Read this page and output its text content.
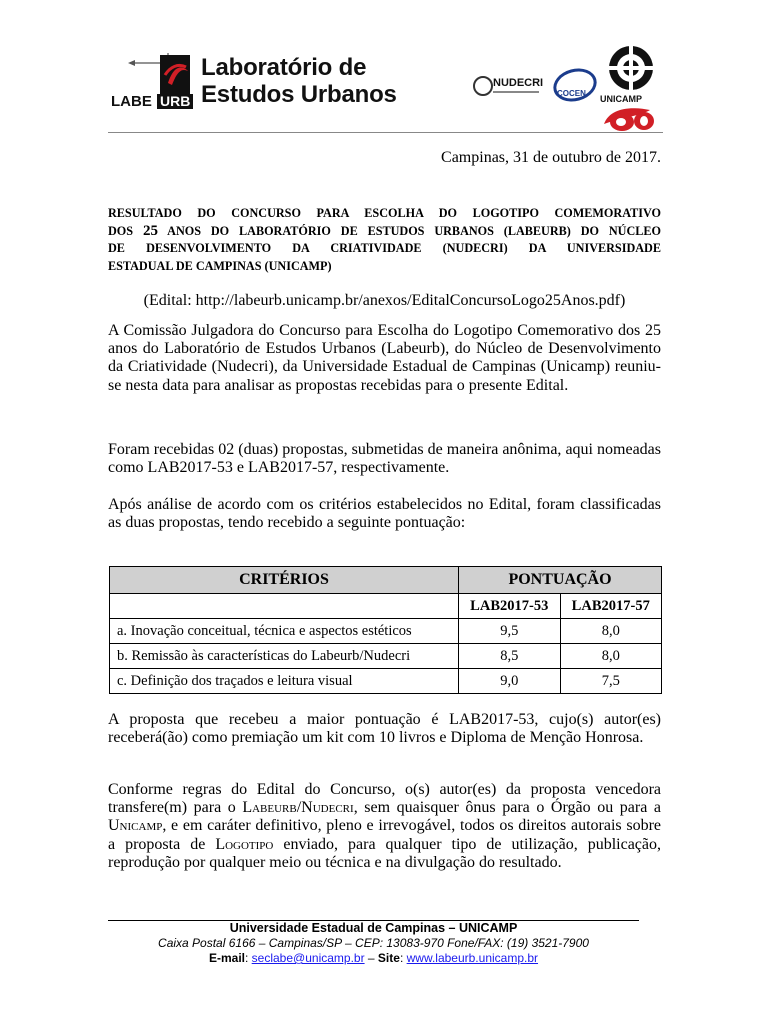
LABE URB
Laboratório de
Estudos Urbanos	NUDECRI
COCEN
UNICAMP
Campinas, 31 de outubro de 2017.
RESULTADO DO CONCURSO PARA ESCOLHA DO LOGOTIPO COMEMORATIVO
DOS 25 ANOS DO LABORATÓRIO DE ESTUDOS URBANOS (LABEURB) DO NÚCLEO
DE DESENVOLVIMENTO DA CRIATIVIDADE (NUDECRI) DA UNIVERSIDADE
ESTADUAL DE CAMPINAS (UNICAMP)
(Edital: http://labeurb.unicamp.br/anexos/EditalConcursoLogo25Anos.pdf)
A Comissão Julgadora do Concurso para Escolha do Logotipo Comemorativo dos 25 anos do Laboratório de Estudos Urbanos (Labeurb), do Núcleo de Desenvolvimento da Criatividade (Nudecri), da Universidade Estadual de Campinas (Unicamp) reuniu-se nesta data para analisar as propostas recebidas para o presente Edital.
Foram recebidas 02 (duas) propostas, submetidas de maneira anônima, aqui nomeadas como LAB2017-53 e LAB2017-57, respectivamente.
Após análise de acordo com os critérios estabelecidos no Edital, foram classificadas as duas propostas, tendo recebido a seguinte pontuação:
CRITÉRIOS	PONTUAÇÃO	
	LAB2017-53	LAB2017-57
a. Inovação conceitual, técnica e aspectos estéticos	9,5	8,0
b. Remissão às características do Labeurb/Nudecri	8,5	8,0
c. Definição dos traçados e leitura visual	9,0	7,5
A proposta que recebeu a maior pontuação é LAB2017-53, cujo(s) autor(es) receberá(ão) como premiação um kit com 10 livros e Diploma de Menção Honrosa.
Conforme regras do Edital do Concurso, o(s) autor(es) da proposta vencedora transfere(m) para o Labeurb/Nudecri, sem quaisquer ônus para o Órgão ou para a Unicamp, e em caráter definitivo, pleno e irrevogável, todos os direitos autorais sobre a proposta de Logotipo enviado, para qualquer tipo de utilização, publicação, reprodução por qualquer meio ou técnica e na divulgação do resultado.
Universidade Estadual de Campinas – UNICAMP
Caixa Postal 6166 – Campinas/SP – CEP: 13083-970 Fone/FAX: (19) 3521-7900
E-mail: seclabe@unicamp.br – Site: www.labeurb.unicamp.br
